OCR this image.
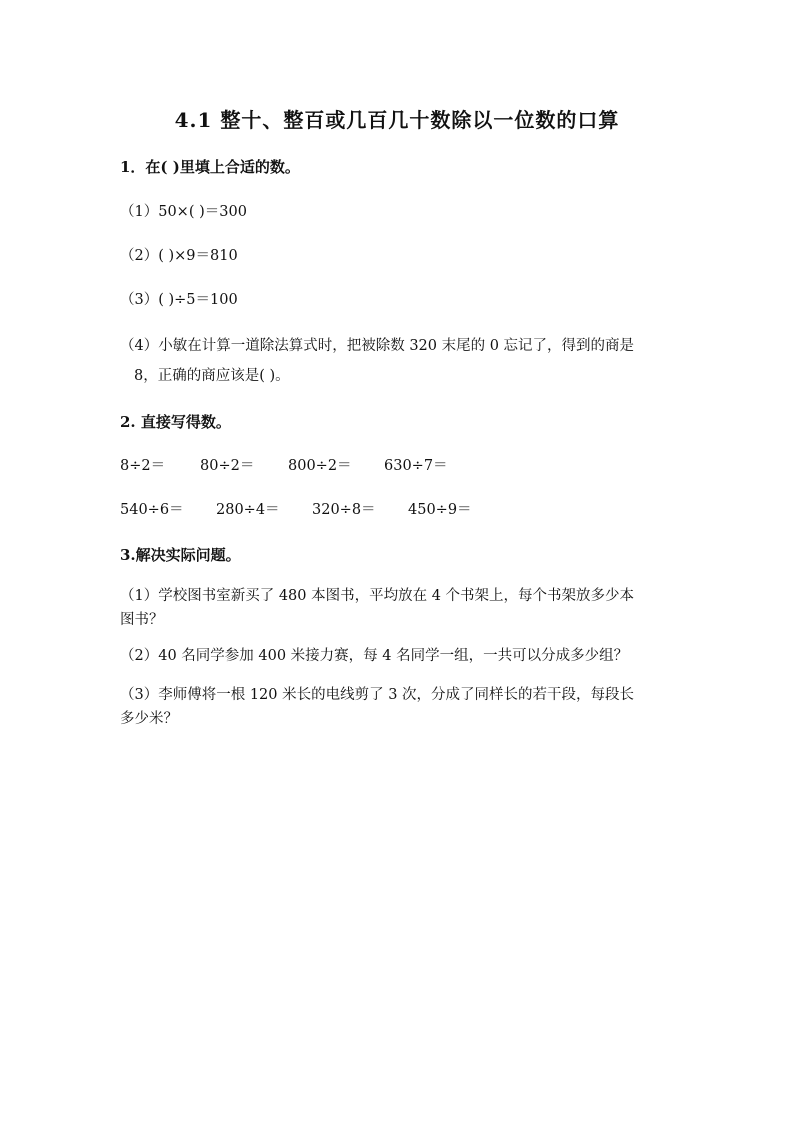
4.1 整十、整百或几百几十数除以一位数的口算
1．在( )里填上合适的数。
（1）50×( )＝300
（2）( )×9＝810
（3）( )÷5＝100
（4）小敏在计算一道除法算式时，把被除数 320 末尾的 0 忘记了，得到的商是
8，正确的商应该是( )。
2. 直接写得数。
8÷2＝ 80÷2＝ 800÷2＝ 630÷7＝
540÷6＝ 280÷4＝ 320÷8＝ 450÷9＝
3.解决实际问题。
（1）学校图书室新买了 480 本图书，平均放在 4 个书架上，每个书架放多少本
图书？
（2）40 名同学参加 400 米接力赛，每 4 名同学一组，一共可以分成多少组？
（3）李师傅将一根 120 米长的电线剪了 3 次，分成了同样长的若干段，每段长
多少米？
